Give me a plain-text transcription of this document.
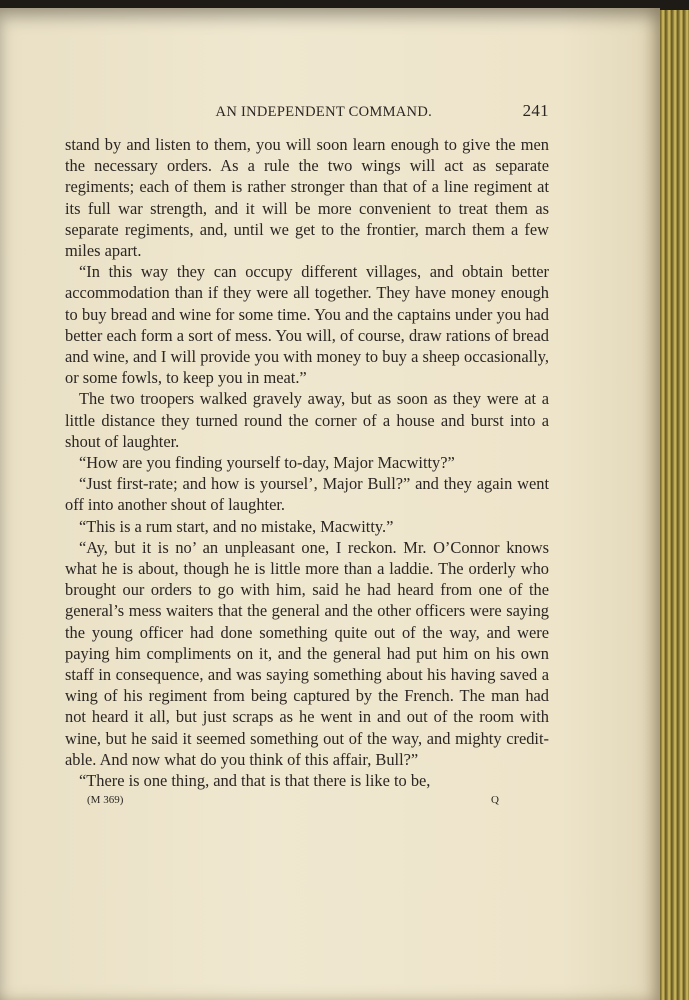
AN INDEPENDENT COMMAND.	241

stand by and listen to them, you will soon learn enough to give the men the necessary orders. As a rule the two wings will act as separate regiments; each of them is rather stronger than that of a line regiment at its full war strength, and it will be more convenient to treat them as separate regiments, and, until we get to the frontier, march them a few miles apart.

“In this way they can occupy different villages, and obtain better accommodation than if they were all together. They have money enough to buy bread and wine for some time. You and the captains under you had better each form a sort of mess. You will, of course, draw rations of bread and wine, and I will provide you with money to buy a sheep occasionally, or some fowls, to keep you in meat.”

The two troopers walked gravely away, but as soon as they were at a little distance they turned round the corner of a house and burst into a shout of laughter.

“How are you finding yourself to-day, Major Macwitty?”

“Just first-rate; and how is yoursel’, Major Bull?” and they again went off into another shout of laughter.

“This is a rum start, and no mistake, Macwitty.”

“Ay, but it is no’ an unpleasant one, I reckon. Mr. O’Connor knows what he is about, though he is little more than a laddie. The orderly who brought our orders to go with him, said he had heard from one of the general’s mess waiters that the general and the other officers were saying the young officer had done something quite out of the way, and were paying him compliments on it, and the general had put him on his own staff in consequence, and was saying something about his having saved a wing of his regiment from being captured by the French. The man had not heard it all, but just scraps as he went in and out of the room with wine, but he said it seemed something out of the way, and mighty credit-able. And now what do you think of this affair, Bull?”

“There is one thing, and that is that there is like to be,

(M 369)	Q
